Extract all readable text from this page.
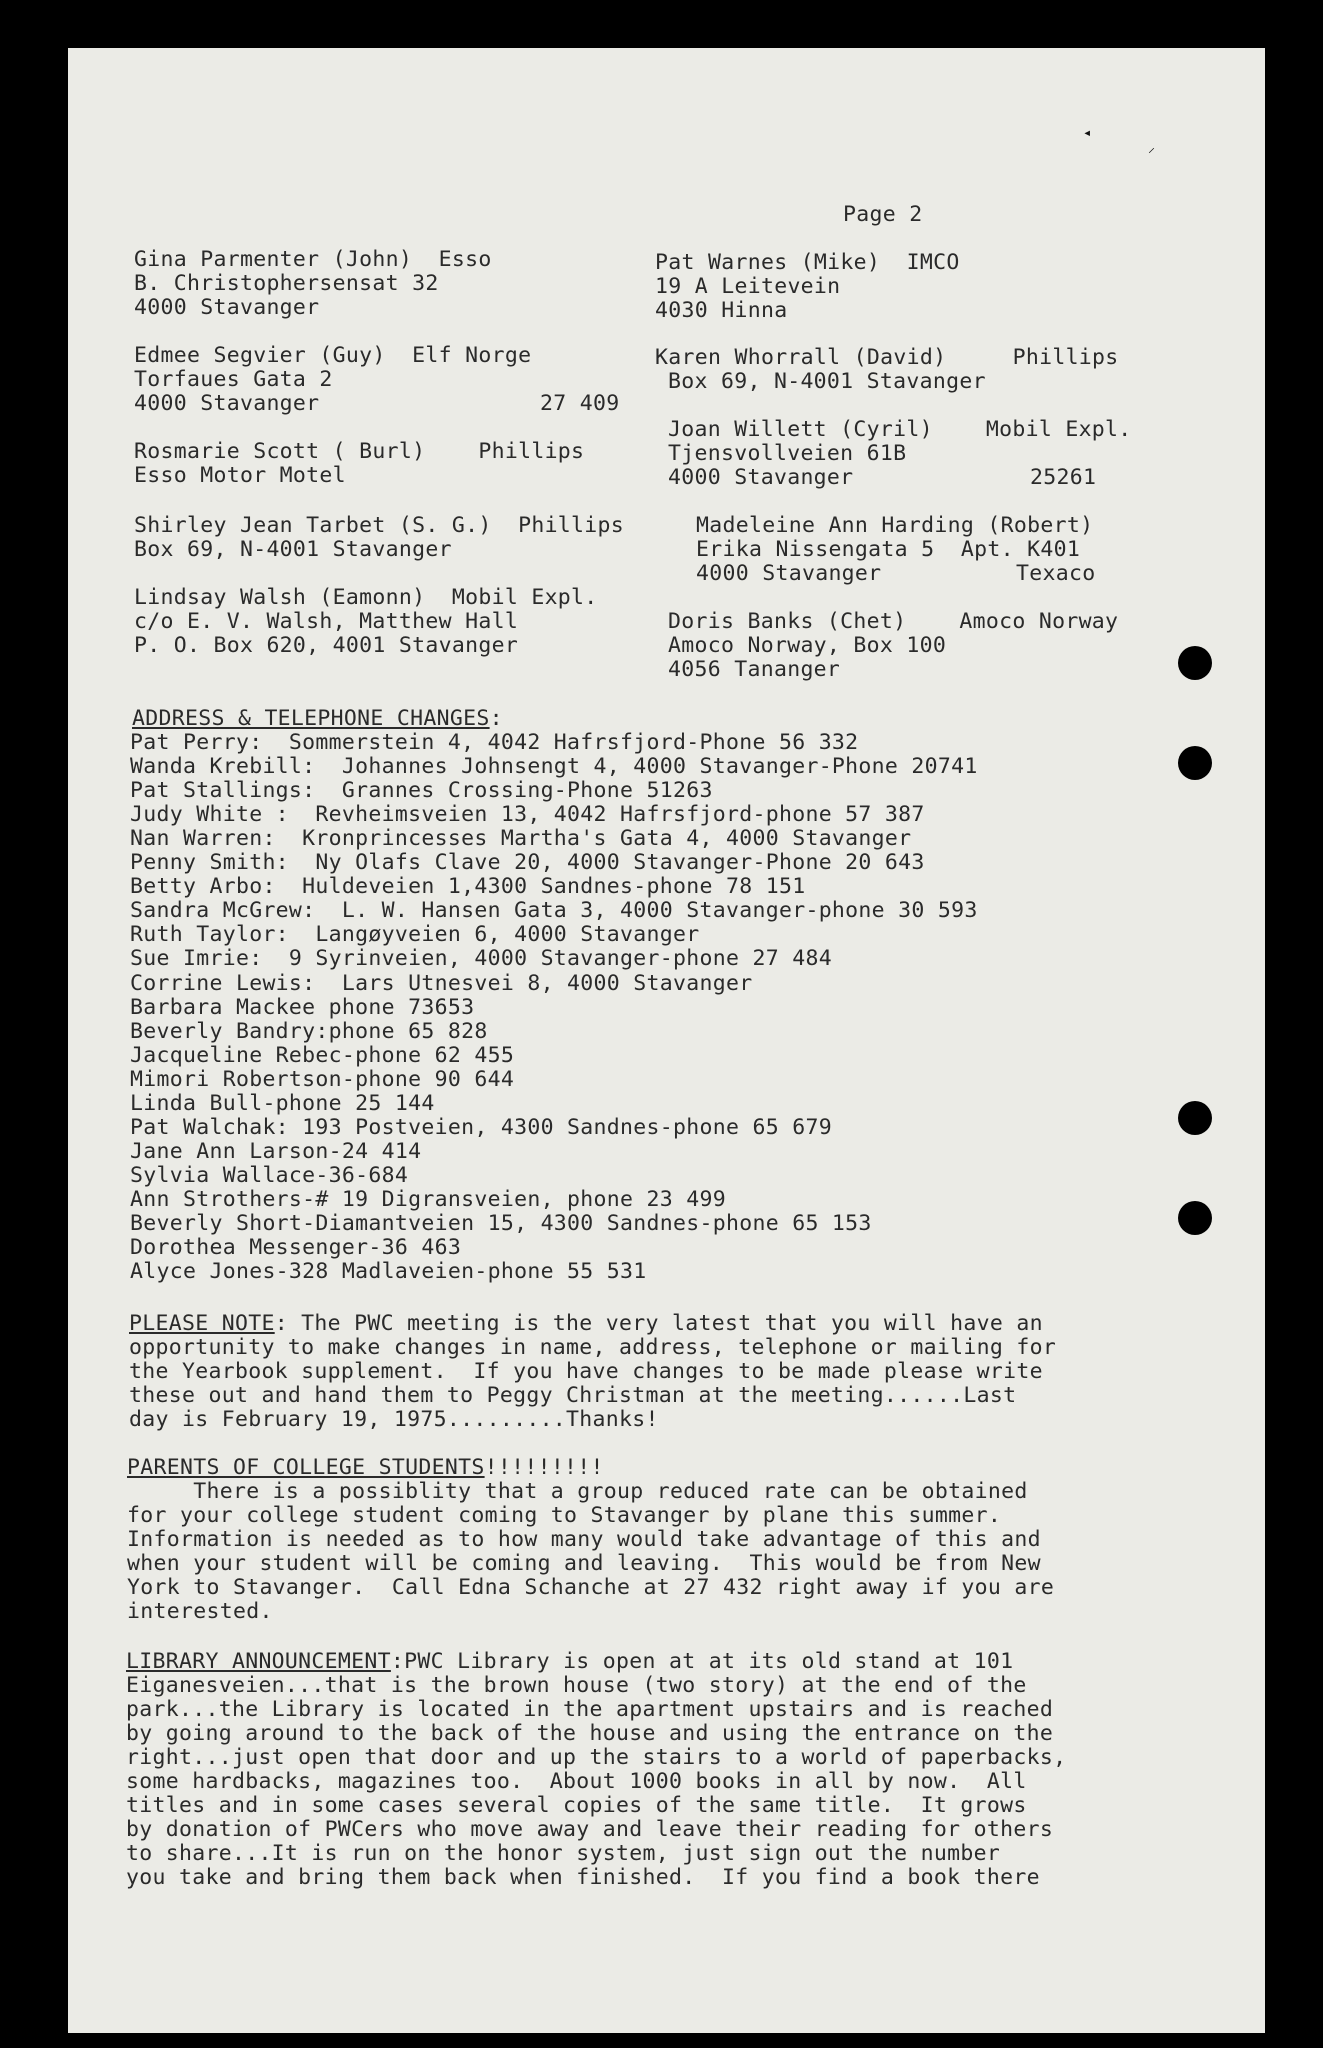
◂
⸝
Page 2
Gina Parmenter (John)  Esso
B. Christophersensat 32
4000 Stavanger
Edmee Segvier (Guy)  Elf Norge
Torfaues Gata 2
4000 Stavanger	27 409
Rosmarie Scott ( Burl)    Phillips
Esso Motor Motel
Shirley Jean Tarbet (S. G.)  Phillips
Box 69, N-4001 Stavanger
Lindsay Walsh (Eamonn)  Mobil Expl.
c/o E. V. Walsh, Matthew Hall
P. O. Box 620, 4001 Stavanger
Pat Warnes (Mike)  IMCO
19 A Leitevein
4030 Hinna
Karen Whorrall (David)     Phillips
Box 69, N-4001 Stavanger
Joan Willett (Cyril)    Mobil Expl.
Tjensvollveien 61B
4000 Stavanger	25261
Madeleine Ann Harding (Robert)
Erika Nissengata 5  Apt. K401
4000 Stavanger	Texaco
Doris Banks (Chet)    Amoco Norway
Amoco Norway, Box 100
4056 Tananger
ADDRESS & TELEPHONE CHANGES:
Pat Perry:  Sommerstein 4, 4042 Hafrsfjord-Phone 56 332
Wanda Krebill:  Johannes Johnsengt 4, 4000 Stavanger-Phone 20741
Pat Stallings:  Grannes Crossing-Phone 51263
Judy White :  Revheimsveien 13, 4042 Hafrsfjord-phone 57 387
Nan Warren:  Kronprincesses Martha's Gata 4, 4000 Stavanger
Penny Smith:  Ny Olafs Clave 20, 4000 Stavanger-Phone 20 643
Betty Arbo:  Huldeveien 1,4300 Sandnes-phone 78 151
Sandra McGrew:  L. W. Hansen Gata 3, 4000 Stavanger-phone 30 593
Ruth Taylor:  Langøyveien 6, 4000 Stavanger
Sue Imrie:  9 Syrinveien, 4000 Stavanger-phone 27 484
Corrine Lewis:  Lars Utnesvei 8, 4000 Stavanger
Barbara Mackee phone 73653
Beverly Bandry:phone 65 828
Jacqueline Rebec-phone 62 455
Mimori Robertson-phone 90 644
Linda Bull-phone 25 144
Pat Walchak: 193 Postveien, 4300 Sandnes-phone 65 679
Jane Ann Larson-24 414
Sylvia Wallace-36-684
Ann Strothers-# 19 Digransveien, phone 23 499
Beverly Short-Diamantveien 15, 4300 Sandnes-phone 65 153
Dorothea Messenger-36 463
Alyce Jones-328 Madlaveien-phone 55 531
PLEASE NOTE: The PWC meeting is the very latest that you will have an
opportunity to make changes in name, address, telephone or mailing for
the Yearbook supplement.  If you have changes to be made please write
these out and hand them to Peggy Christman at the meeting......Last
day is February 19, 1975.........Thanks!
PARENTS OF COLLEGE STUDENTS!!!!!!!!!
There is a possiblity that a group reduced rate can be obtained
for your college student coming to Stavanger by plane this summer.
Information is needed as to how many would take advantage of this and
when your student will be coming and leaving.  This would be from New
York to Stavanger.  Call Edna Schanche at 27 432 right away if you are
interested.
LIBRARY ANNOUNCEMENT:PWC Library is open at at its old stand at 101
Eiganesveien...that is the brown house (two story) at the end of the
park...the Library is located in the apartment upstairs and is reached
by going around to the back of the house and using the entrance on the
right...just open that door and up the stairs to a world of paperbacks,
some hardbacks, magazines too.  About 1000 books in all by now.  All
titles and in some cases several copies of the same title.  It grows
by donation of PWCers who move away and leave their reading for others
to share...It is run on the honor system, just sign out the number
you take and bring them back when finished.  If you find a book there
